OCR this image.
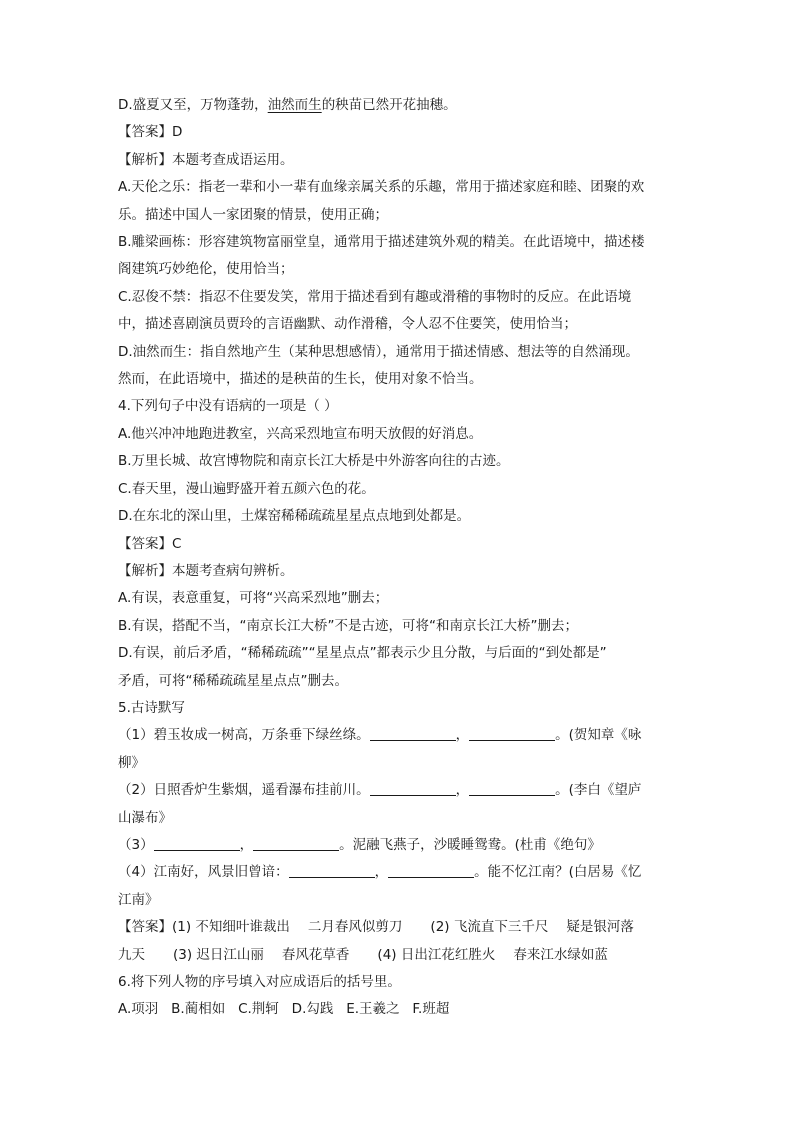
D.盛夏又至，万物蓬勃，油然而生的秧苗已然开花抽穗。
【答案】D
【解析】本题考查成语运用。
A.天伦之乐：指老一辈和小一辈有血缘亲属关系的乐趣，常用于描述家庭和睦、团聚的欢
乐。描述中国人一家团聚的情景，使用正确；
B.雕梁画栋：形容建筑物富丽堂皇，通常用于描述建筑外观的精美。在此语境中，描述楼
阁建筑巧妙绝伦，使用恰当；
C.忍俊不禁：指忍不住要发笑，常用于描述看到有趣或滑稽的事物时的反应。在此语境
中，描述喜剧演员贾玲的言语幽默、动作滑稽，令人忍不住要笑，使用恰当；
D.油然而生：指自然地产生（某种思想感情），通常用于描述情感、想法等的自然涌现。
然而，在此语境中，描述的是秧苗的生长，使用对象不恰当。
4.下列句子中没有语病的一项是（ ）
A.他兴冲冲地跑进教室，兴高采烈地宣布明天放假的好消息。
B.万里长城、故宫博物院和南京长江大桥是中外游客向往的古迹。
C.春天里，漫山遍野盛开着五颜六色的花。
D.在东北的深山里，土煤窑稀稀疏疏星星点点地到处都是。
【答案】C
【解析】本题考查病句辨析。
A.有误，表意重复，可将“兴高采烈地”删去；
B.有误，搭配不当，“南京长江大桥”不是古迹，可将“和南京长江大桥”删去；
D.有误，前后矛盾，“稀稀疏疏”“星星点点”都表示少且分散，与后面的“到处都是”
矛盾，可将“稀稀疏疏星星点点”删去。
5.古诗默写
（1）碧玉妆成一树高，万条垂下绿丝绦。	，	。(贺知章《咏
柳》
（2）日照香炉生紫烟，遥看瀑布挂前川。	，	。(李白《望庐
山瀑布》
（3）	，	。泥融飞燕子，沙暖睡鸳鸯。(杜甫《绝句》
（4）江南好，风景旧曾谙：	，	。能不忆江南？(白居易《忆
江南》
【答案】(1) 不知细叶谁裁出 二月春风似剪刀 (2) 飞流直下三千尺 疑是银河落
九天 (3) 迟日江山丽 春风花草香 (4) 日出江花红胜火 春来江水绿如蓝
6.将下列人物的序号填入对应成语后的括号里。
A.项羽   B.蔺相如   C.荆轲   D.勾践   E.王羲之   F.班超
